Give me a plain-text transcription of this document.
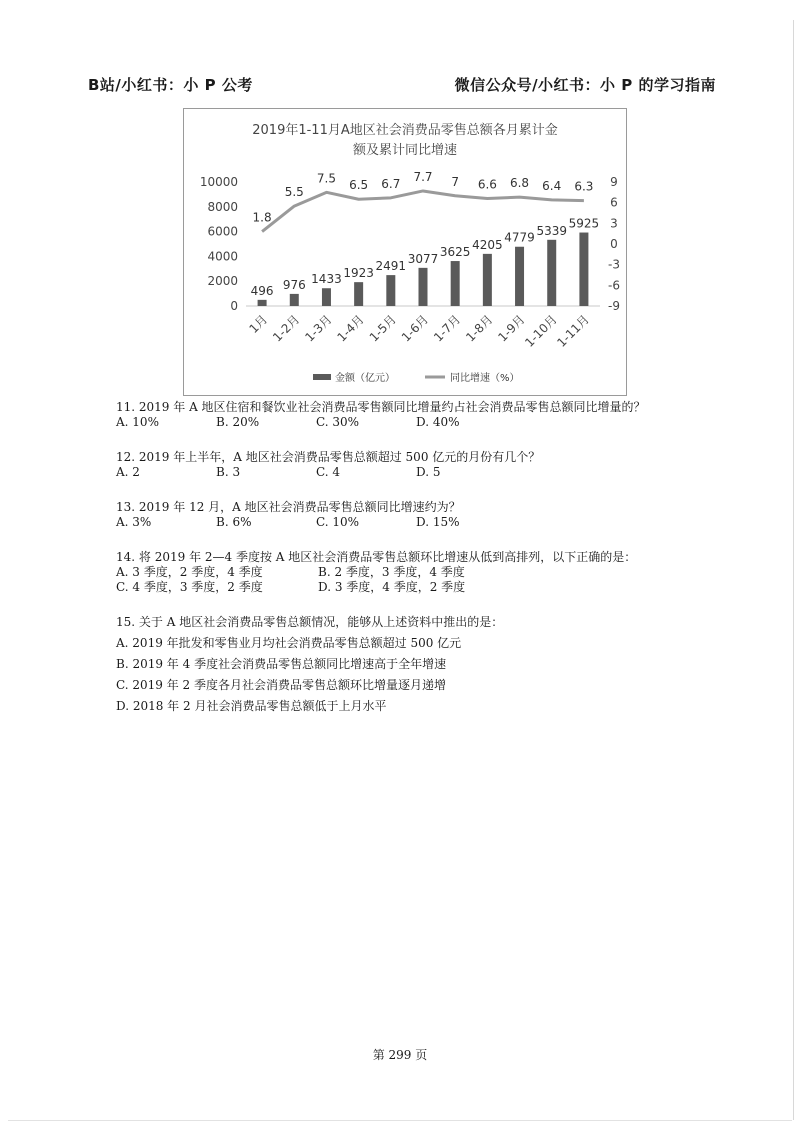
B站/小红书：小 P 公考	微信公众号/小红书：小 P 的学习指南
2019年1-11月A地区社会消费品零售总额各月累计金
额及累计同比增速
0
2000
4000
6000
8000
10000
-9
-6
-3
0
3
6
9
496 976 1433 1923
2491
3077 3625
4205
4779 5339
5925
1.8
5.5
7.5 6.5 6.7 7.7 7 6.6 6.8 6.4 6.3
1月 1-2月 1-3月 1-4月 1-5月 1-6月 1-7月 1-8月 1-9月
1-10月
1-11月
金额（亿元）	同比增速（%）

11. 2019 年 A 地区住宿和餐饮业社会消费品零售额同比增量约占社会消费品零售总额同比增量的？

A. 10%	B. 20%	C. 30%	D. 40%

12. 2019 年上半年，A 地区社会消费品零售总额超过 500 亿元的月份有几个？

A. 2	B. 3	C. 4	D. 5

13. 2019 年 12 月，A 地区社会消费品零售总额同比增速约为？

A. 3%	B. 6%	C. 10%	D. 15%

14. 将 2019 年 2—4 季度按 A 地区社会消费品零售总额环比增速从低到高排列，以下正确的是：

A. 3 季度，2 季度，4 季度	B. 2 季度，3 季度，4 季度
C. 4 季度，3 季度，2 季度	D. 3 季度，4 季度，2 季度

15. 关于 A 地区社会消费品零售总额情况，能够从上述资料中推出的是：

A. 2019 年批发和零售业月均社会消费品零售总额超过 500 亿元
B. 2019 年 4 季度社会消费品零售总额同比增速高于全年增速
C. 2019 年 2 季度各月社会消费品零售总额环比增量逐月递增
D. 2018 年 2 月社会消费品零售总额低于上月水平
第 299 页
